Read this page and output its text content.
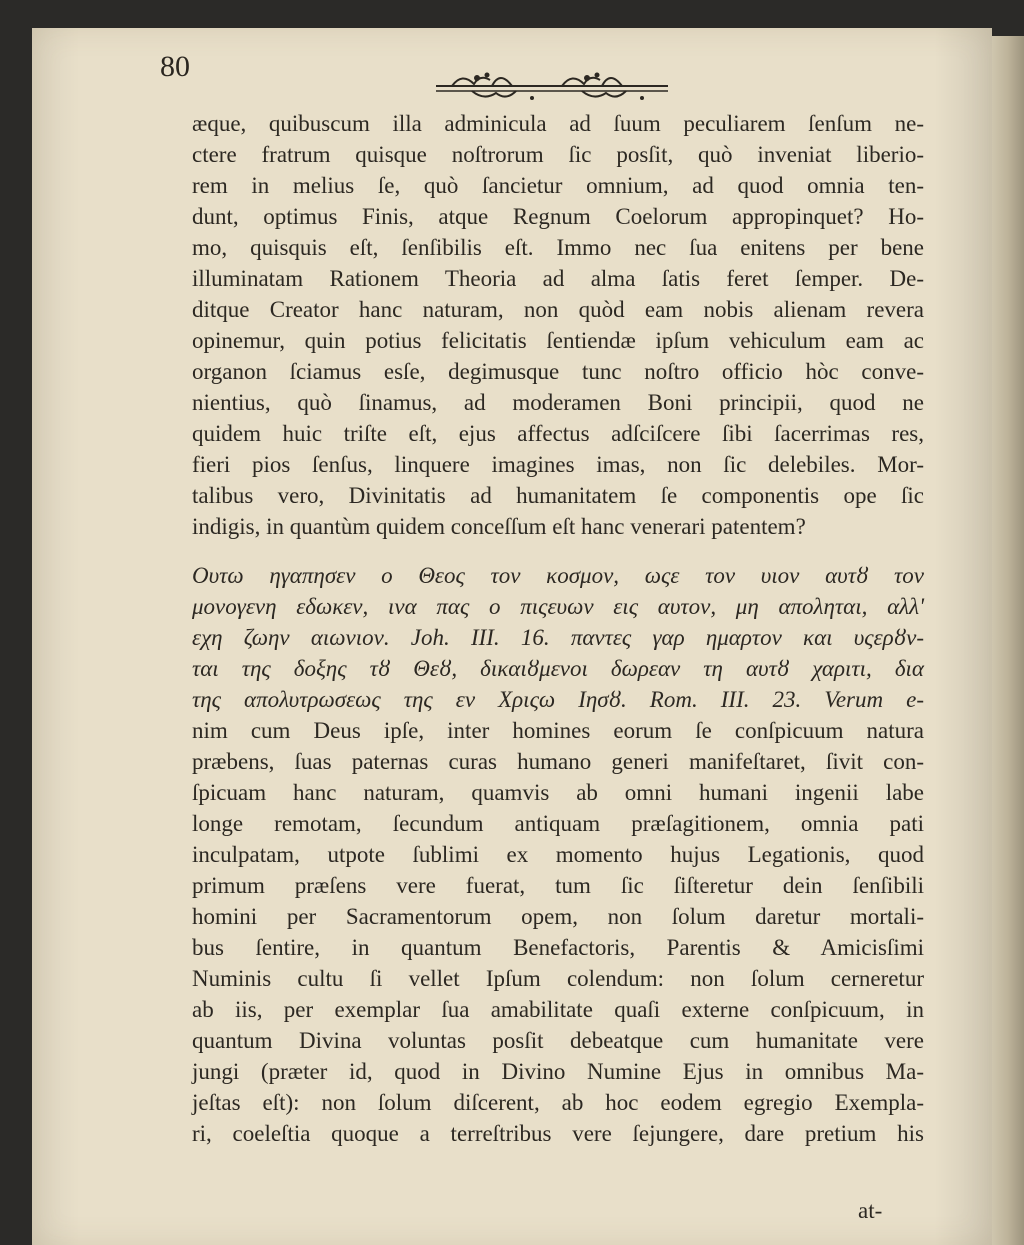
80
æque, quibuscum illa adminicula ad ſuum peculiarem ſenſum ne-
ctere fratrum quisque noſtrorum ſic posſit, quò inveniat liberio-
rem in melius ſe, quò ſancietur omnium, ad quod omnia ten-
dunt, optimus Finis, atque Regnum Coelorum appropinquet? Ho-
mo, quisquis eſt, ſenſibilis eſt. Immo nec ſua enitens per bene
illuminatam Rationem Theoria ad alma ſatis feret ſemper. De-
ditque Creator hanc naturam, non quòd eam nobis alienam revera
opinemur, quin potius felicitatis ſentiendæ ipſum vehiculum eam ac
organon ſciamus esſe, degimusque tunc noſtro officio hòc conve-
nientius, quò ſinamus, ad moderamen Boni principii, quod ne
quidem huic triſte eſt, ejus affectus adſciſcere ſibi ſacerrimas res,
fieri pios ſenſus, linquere imagines imas, non ſic delebiles. Mor-
talibus vero, Divinitatis ad humanitatem ſe componentis ope ſic
indigis, in quantùm quidem conceſſum eſt hanc venerari patentem?
Ουτω ηγαπησεν ο Θεος τον κοσμον, ωςε τον υιον αυτȣ τον
μονογενη εδωκεν, ινα πας ο πιςευων εις αυτον, μη αποληται, αλλ'
εχη ζωην αιωνιον. Joh. III. 16. παντες γαρ ημαρτον και υςερȣν-
ται της δοξης τȣ Θεȣ, δικαιȣμενοι δωρεαν τη αυτȣ χαριτι, δια
της απολυτρωσεως της εν Χριςω Ιησȣ. Rom. III. 23. Verum e-
nim cum Deus ipſe, inter homines eorum ſe conſpicuum natura
præbens, ſuas paternas curas humano generi manifeſtaret, ſivit con-
ſpicuam hanc naturam, quamvis ab omni humani ingenii labe
longe remotam, ſecundum antiquam præſagitionem, omnia pati
inculpatam, utpote ſublimi ex momento hujus Legationis, quod
primum præſens vere fuerat, tum ſic ſiſteretur dein ſenſibili
homini per Sacramentorum opem, non ſolum daretur mortali-
bus ſentire, in quantum Benefactoris, Parentis & Amicisſimi
Numinis cultu ſi vellet Ipſum colendum: non ſolum cerneretur
ab iis, per exemplar ſua amabilitate quaſi externe conſpicuum, in
quantum Divina voluntas posſit debeatque cum humanitate vere
jungi (præter id, quod in Divino Numine Ejus in omnibus Ma-
jeſtas eſt): non ſolum diſcerent, ab hoc eodem egregio Exempla-
ri, coeleſtia quoque a terreſtribus vere ſejungere, dare pretium his
at-
